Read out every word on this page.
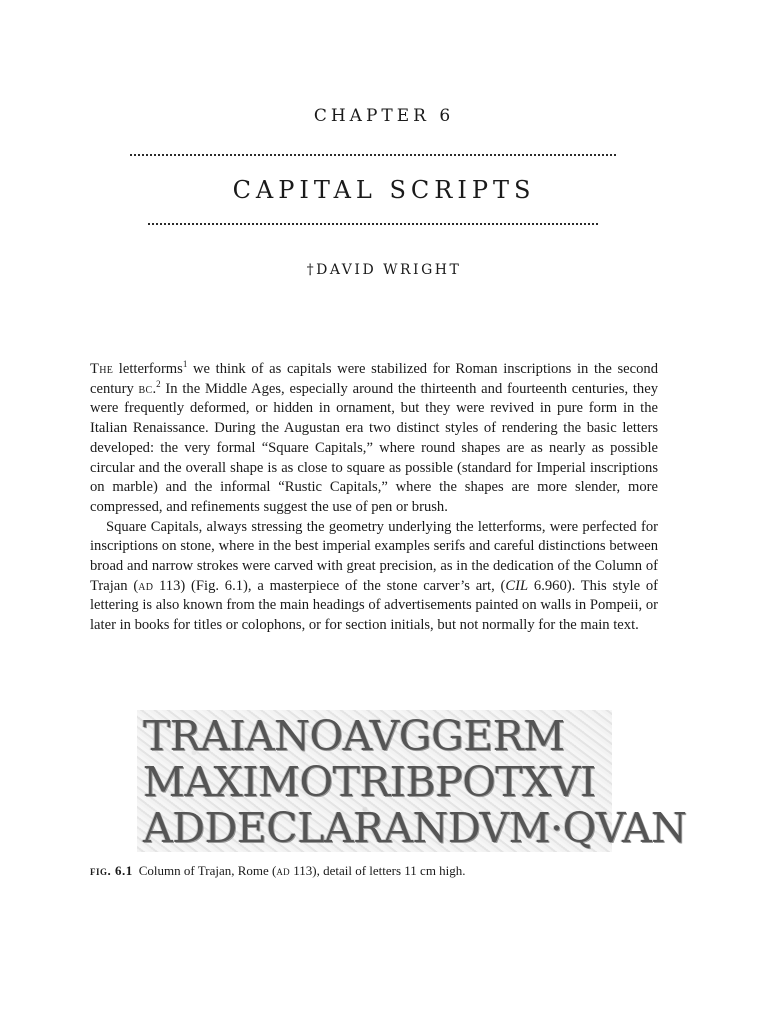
CHAPTER 6
CAPITAL SCRIPTS
†DAVID WRIGHT

The letterforms$^1$ we think of as capitals were stabilized for Roman inscriptions in the second century bc.$^2$ In the Middle Ages, especially around the thirteenth and fourteenth centuries, they were frequently deformed, or hidden in ornament, but they were revived in pure form in the Italian Renaissance. During the Augustan era two distinct styles of rendering the basic letters developed: the very formal “Square Capitals,” where round shapes are as nearly as possible circular and the overall shape is as close to square as possible (standard for Imperial inscriptions on marble) and the informal “Rustic Capitals,” where the shapes are more slender, more compressed, and refinements suggest the use of pen or brush.

Square Capitals, always stressing the geometry underlying the letterforms, were perfected for inscriptions on stone, where in the best imperial examples serifs and careful distinctions between broad and narrow strokes were carved with great precision, as in the dedication of the Column of Trajan (ad 113) (Fig. 6.1), a masterpiece of the stone carver’s art, (CIL 6.960). This style of lettering is also known from the main headings of advertisements painted on walls in Pompeii, or later in books for titles or colophons, or for section initials, but not normally for the main text.

TRAIANOAVGGERM
MAXIMOTRIBPOTXVI
ADDECLARANDVM·QVAN
fig. 6.1 Column of Trajan, Rome (ad 113), detail of letters 11 cm high.
